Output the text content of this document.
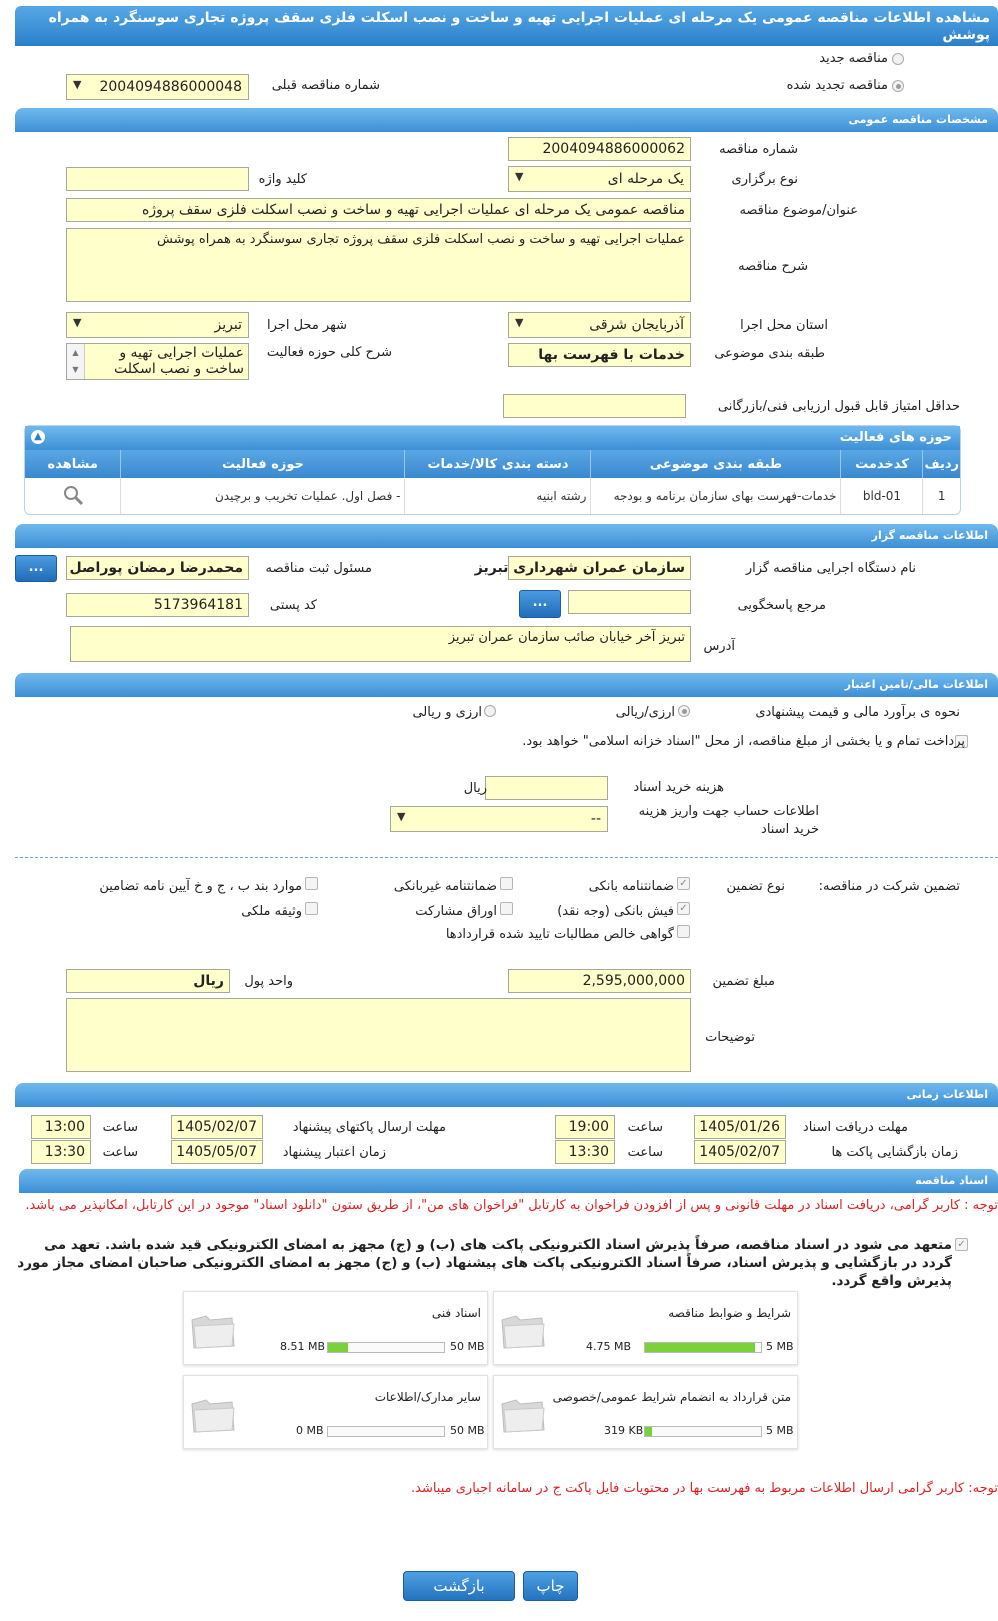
مشاهده اطلاعات مناقصه عمومی یک مرحله ای عملیات اجرایی تهیه و ساخت و نصب اسکلت فلزی سقف پروژه تجاری سوسنگرد به همراه پوشش
مناقصه جدید
مناقصه تجدید شده
شماره مناقصه قبلی
▼ 2004094886000048
مشخصات مناقصه عمومی
شماره مناقصه
2004094886000062
نوع برگزاری
▼	یک مرحله ای
کلید واژه
عنوان/موضوع مناقصه
مناقصه عمومی یک مرحله ای عملیات اجرایی تهیه و ساخت و نصب اسکلت فلزی سقف پروژه
شرح مناقصه
عملیات اجرایی تهیه و ساخت و نصب اسکلت فلزی سقف پروژه تجاری سوسنگرد به همراه پوشش
استان محل اجرا
▼	آذربایجان شرقی
شهر محل اجرا
▼	تبریز
طبقه بندی موضوعی
خدمات با فهرست بها
شرح کلی حوزه فعالیت
عملیات اجرایی تهیه و ساخت و نصب اسکلت
▲
▼
حداقل امتیاز قابل قبول ارزیابی فنی/بازرگانی
حوزه های فعالیت
▲
ردیف	کدخدمت	طبقه بندی موضوعی	دسته بندی کالا/خدمات	حوزه فعالیت	مشاهده
1	bld-01	خدمات-فهرست بهای سازمان برنامه و بودجه	رشته ابنیه	- فصل اول. عملیات تخریب و برچیدن	
اطلاعات مناقصه گزار
نام دستگاه اجرایی مناقصه گزار
سازمان عمران شهرداری تبریز
مسئول ثبت مناقصه
محمدرضا رمضان پوراصل
...
مرجع پاسخگویی
...
کد پستی
5173964181
آدرس
تبریز آخر خیابان صائب سازمان عمران تبریز
اطلاعات مالی/تامین اعتبار
نحوه ی برآورد مالی و قیمت پیشنهادی
ارزی/ریالی
ارزی و ریالی
پرداخت تمام و یا بخشی از مبلغ مناقصه، از محل "اسناد خزانه اسلامی" خواهد بود.
هزینه خرید اسناد
ریال
اطلاعات حساب جهت واریز هزینه خرید اسناد
▼	--
تضمین شرکت در مناقصه:
نوع تضمین
✓
ضمانتنامه بانکی
ضمانتنامه غیربانکی
موارد بند ب ، ج و خ آیین نامه تضامین
✓
فیش بانکی (وجه نقد)
اوراق مشارکت
وثیقه ملکی
گواهی خالص مطالبات تایید شده قراردادها
مبلغ تضمین
2,595,000,000
واحد پول
ریال
توضیحات
اطلاعات زمانی
مهلت دریافت اسناد
1405/01/26
ساعت
19:00
مهلت ارسال پاکتهای پیشنهاد
1405/02/07
ساعت
13:00
زمان بازگشایی پاکت ها
1405/02/07
ساعت
13:30
زمان اعتبار پیشنهاد
1405/05/07
ساعت
13:30
اسناد مناقصه
توجه : کاربر گرامی، دریافت اسناد در مهلت قانونی و پس از افزودن فراخوان به کارتابل "فراخوان های من"، از طریق ستون "دانلود اسناد" موجود در این کارتابل، امکانپذیر می باشد.
✓
متعهد می شود در اسناد مناقصه، صرفاً پذیرش اسناد الکترونیکی پاکت های (ب) و (ج) مجهز به امضای الکترونیکی قید شده باشد. تعهد می گردد در بازگشایی و پذیرش اسناد، صرفاً اسناد الکترونیکی پاکت های پیشنهاد (ب) و (ج) مجهز به امضای الکترونیکی صاحبان امضای مجاز مورد پذیرش واقع گردد.
شرایط و ضوابط مناقصه
4.75 MB	5 MB
اسناد فنی
8.51 MB	50 MB
متن قرارداد به انضمام شرایط عمومی/خصوصی
319 KB	5 MB
سایر مدارک/اطلاعات
0 MB	50 MB
توجه: کاربر گرامی ارسال اطلاعات مربوط به فهرست بها در محتویات فایل پاکت ج در سامانه اجباری میباشد.
بازگشت	چاپ
